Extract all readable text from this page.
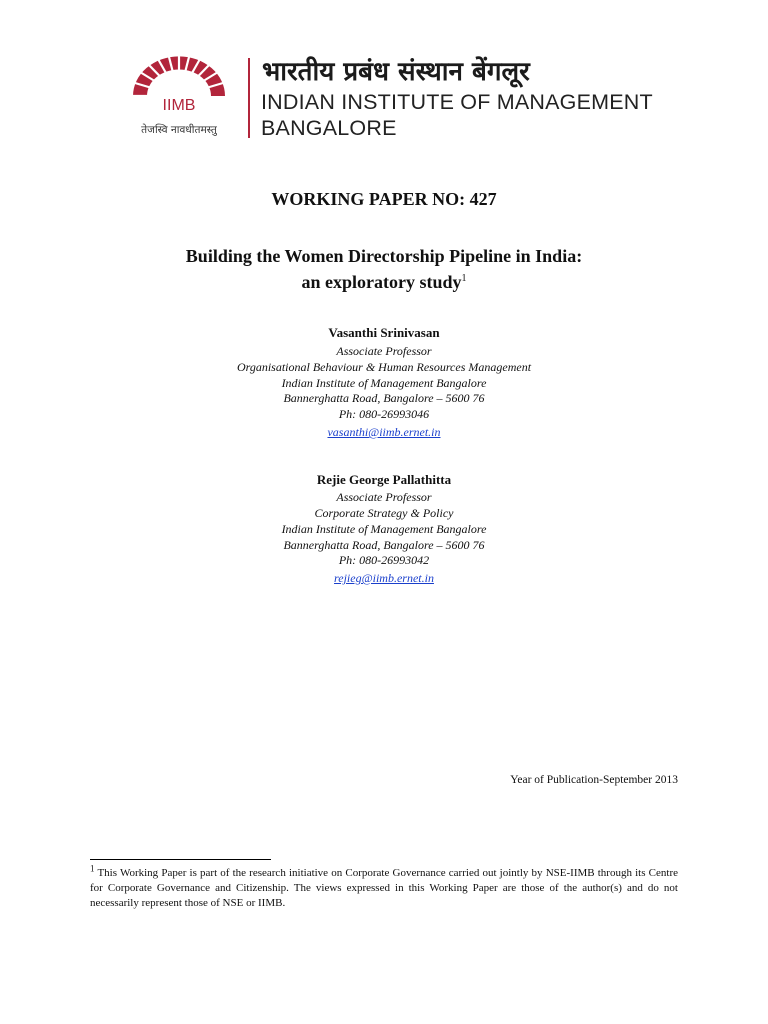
IIMB
तेजस्वि नावधीतमस्तु
भारतीय प्रबंध संस्थान बेंगलूर
INDIAN INSTITUTE OF MANAGEMENT
BANGALORE
WORKING PAPER NO: 427
Building the Women Directorship Pipeline in India:
an exploratory study$^1$
Vasanthi Srinivasan
Associate Professor
Organisational Behaviour & Human Resources Management
Indian Institute of Management Bangalore
Bannerghatta Road, Bangalore – 5600 76
Ph: 080-26993046
vasanthi@iimb.ernet.in
Rejie George Pallathitta
Associate Professor
Corporate Strategy & Policy
Indian Institute of Management Bangalore
Bannerghatta Road, Bangalore – 5600 76
Ph: 080-26993042
rejieg@iimb.ernet.in
Year of Publication-September 2013
$^1$ This Working Paper is part of the research initiative on Corporate Governance carried out jointly by NSE-IIMB through its Centre for Corporate Governance and Citizenship. The views expressed in this Working Paper are those of the author(s) and do not necessarily represent those of NSE or IIMB.
